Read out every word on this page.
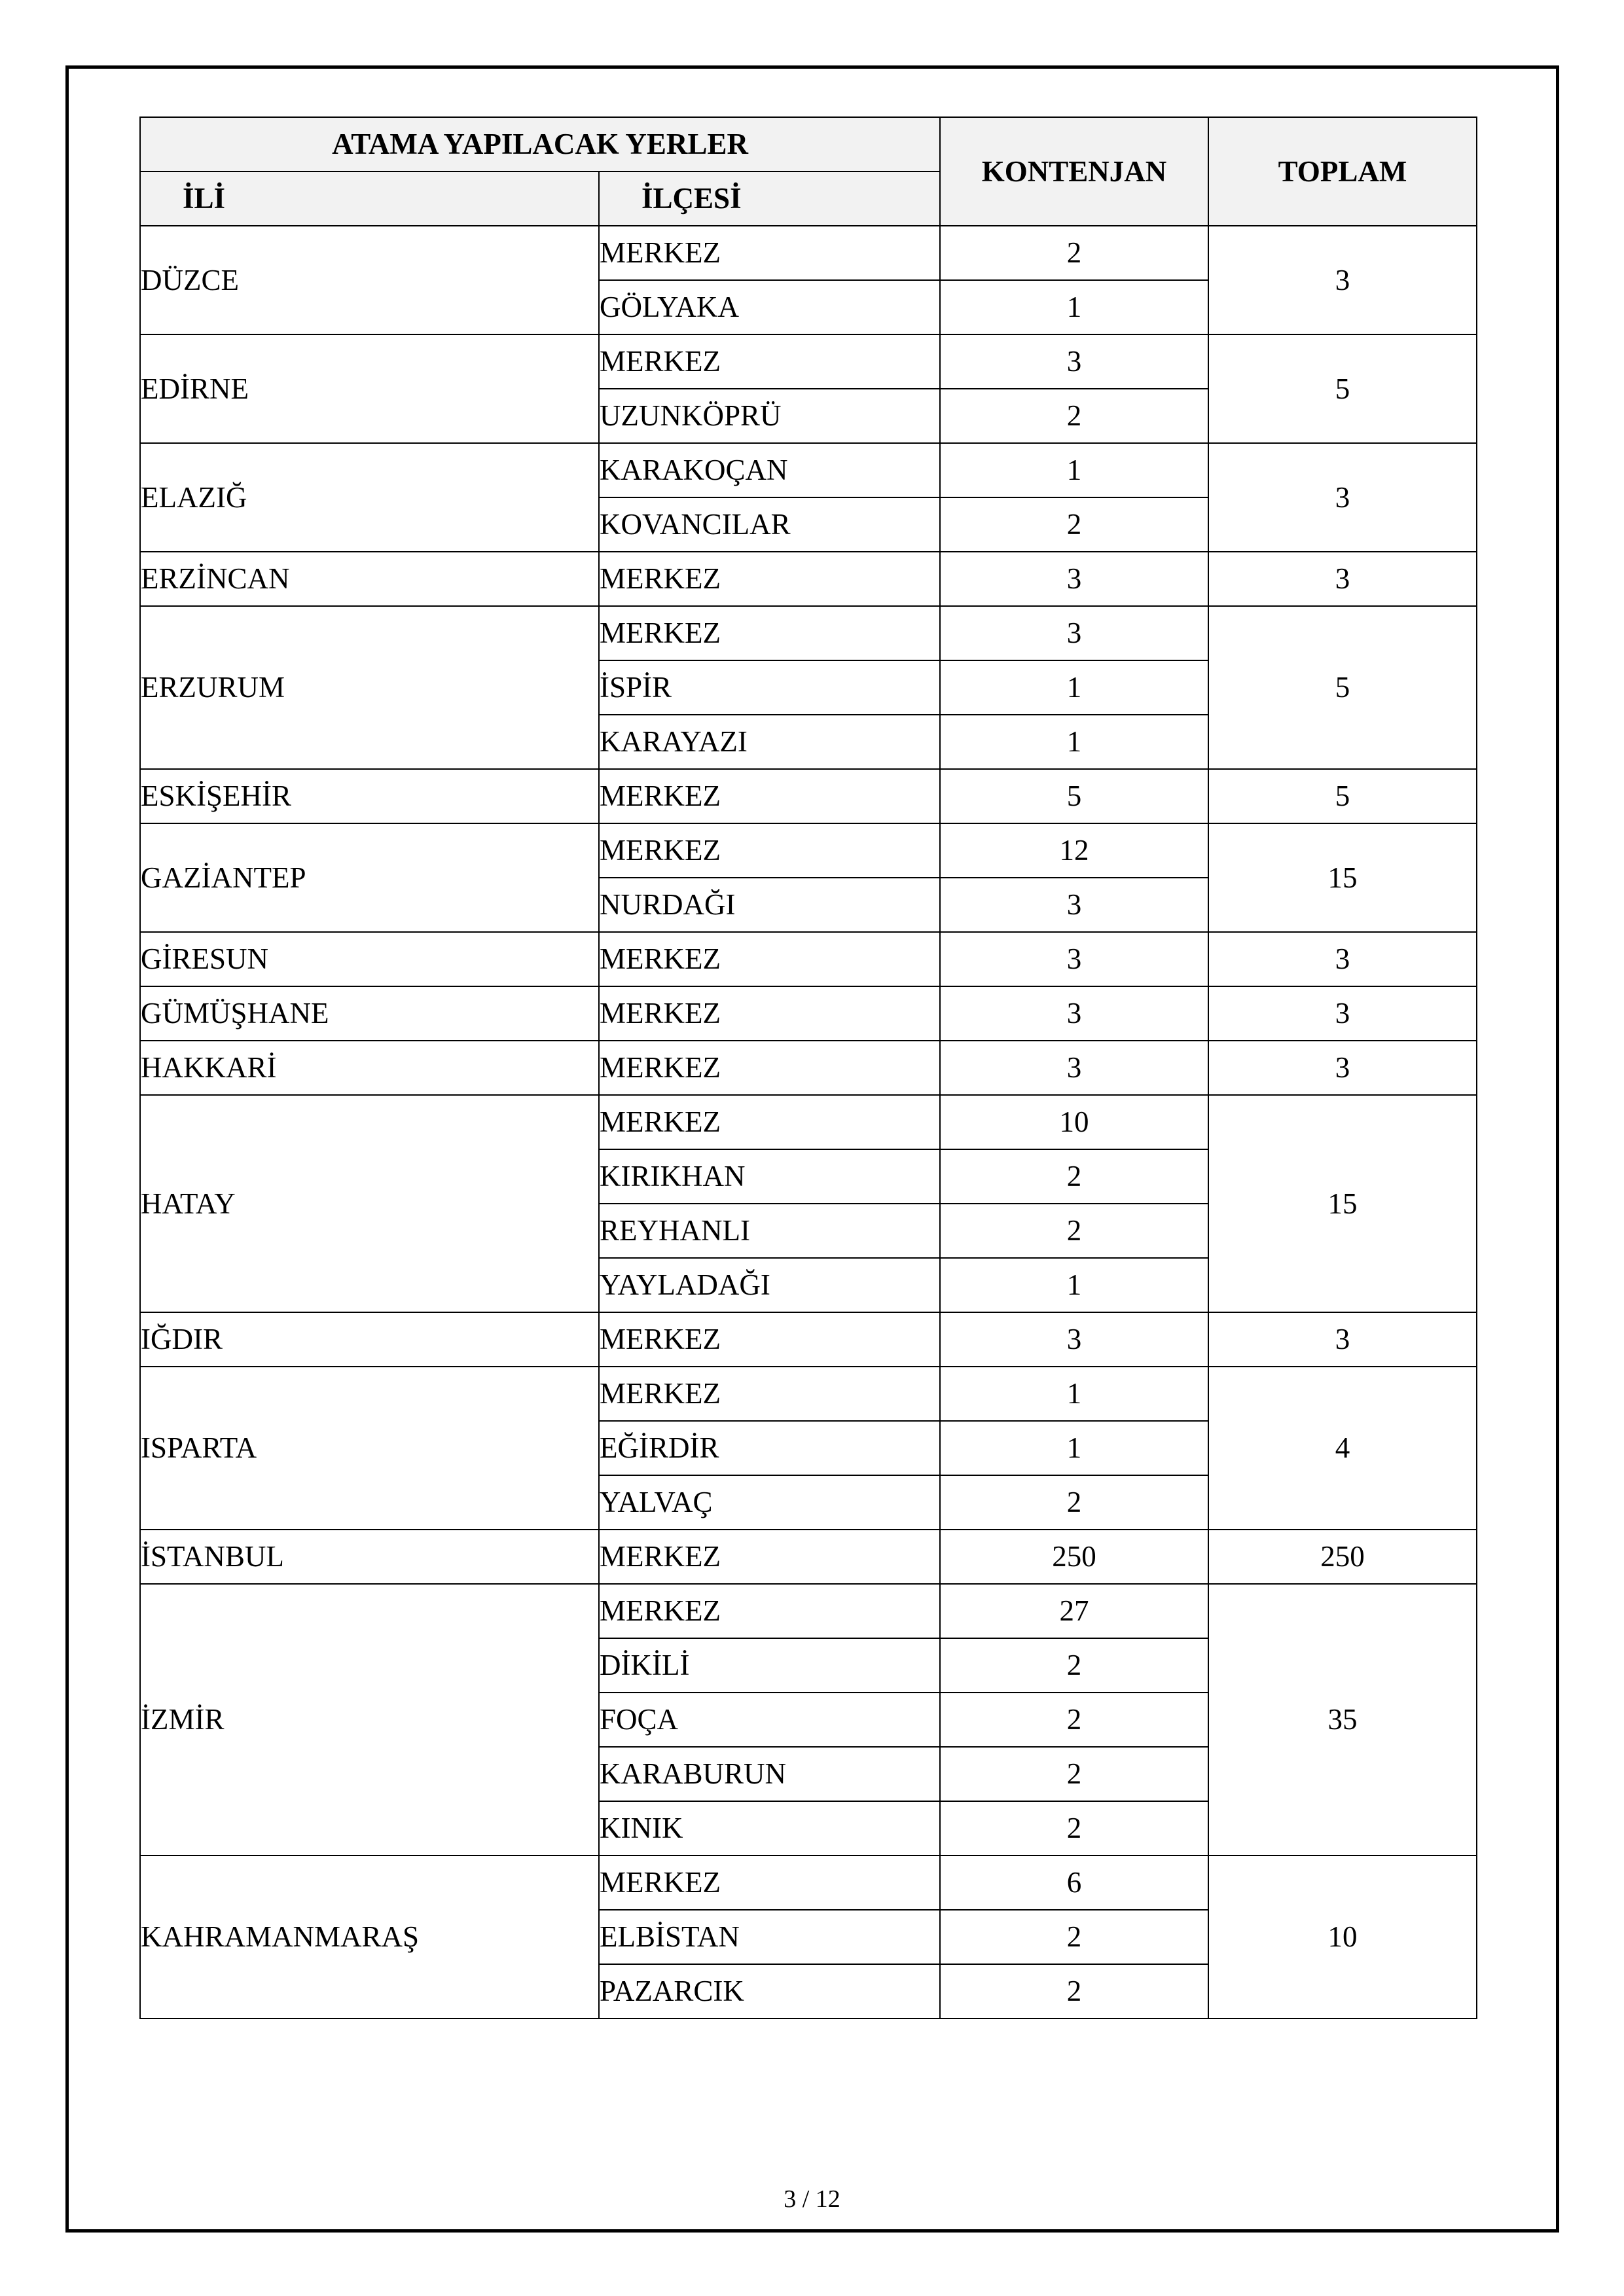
ATAMA YAPILACAK YERLER		KONTENJAN	TOPLAM
İLİ	İLÇESİ		
DÜZCE	MERKEZ	2	3
	GÖLYAKA	1	
EDİRNE	MERKEZ	3	5
	UZUNKÖPRÜ	2	
ELAZIĞ	KARAKOÇAN	1	3
	KOVANCILAR	2	
ERZİNCAN	MERKEZ	3	3
ERZURUM	MERKEZ	3	5
	İSPİR	1	
	KARAYAZI	1	
ESKİŞEHİR	MERKEZ	5	5
GAZİANTEP	MERKEZ	12	15
	NURDAĞI	3	
GİRESUN	MERKEZ	3	3
GÜMÜŞHANE	MERKEZ	3	3
HAKKARİ	MERKEZ	3	3
HATAY	MERKEZ	10	15
	KIRIKHAN	2	
	REYHANLI	2	
	YAYLADAĞI	1	
IĞDIR	MERKEZ	3	3
ISPARTA	MERKEZ	1	4
	EĞİRDİR	1	
	YALVAÇ	2	
İSTANBUL	MERKEZ	250	250
İZMİR	MERKEZ	27	35
	DİKİLİ	2	
	FOÇA	2	
	KARABURUN	2	
	KINIK	2	
KAHRAMANMARAŞ	MERKEZ	6	10
	ELBİSTAN	2	
	PAZARCIK	2	
3 / 12
